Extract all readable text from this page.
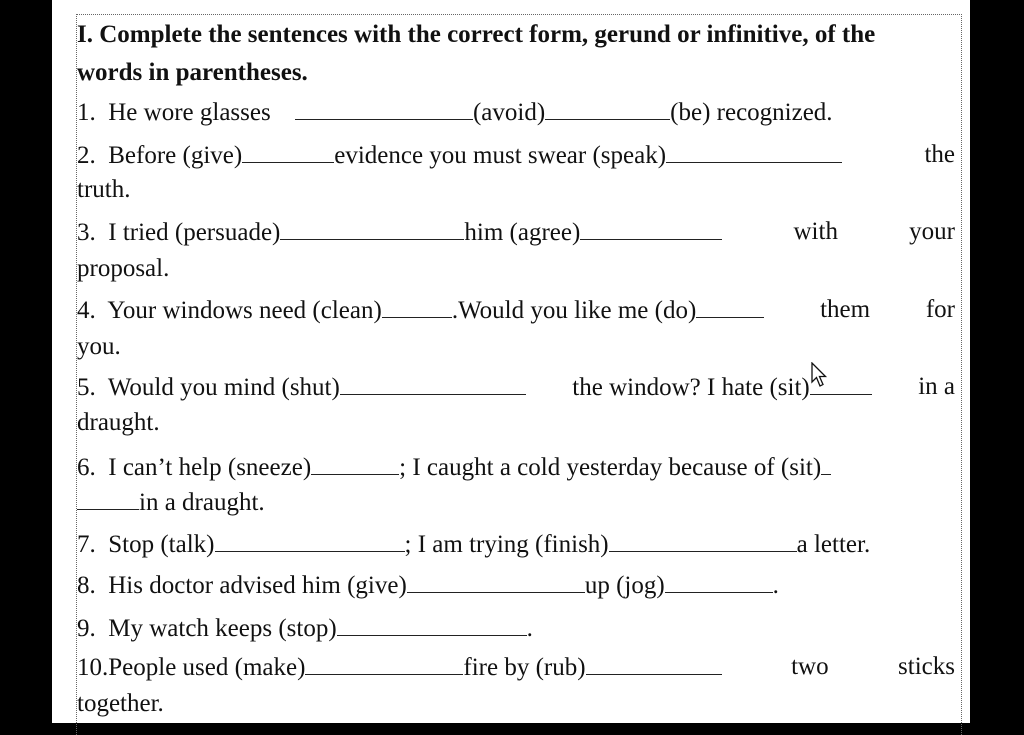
I. Complete the sentences with the correct form, gerund or infinitive, of the
words in parentheses.
1. He wore glasses	(avoid)	(be) recognized.
2. Before (give)	evidence you must swear (speak)	the
truth.
3. I tried (persuade)	him (agree)	with	your
proposal.
4. Your windows need (clean)	.Would you like me (do)	them for
you.
5. Would you mind (shut)	the window? I hate (sit)	in a
draught.
6. I can’t help (sneeze)	; I caught a cold yesterday because of (sit)
in a draught.
7. Stop (talk)	; I am trying (finish)	a letter.
8. His doctor advised him (give)	up (jog)	.
9. My watch keeps (stop)	.
10.People used (make)	fire by (rub)	two	sticks
together.
